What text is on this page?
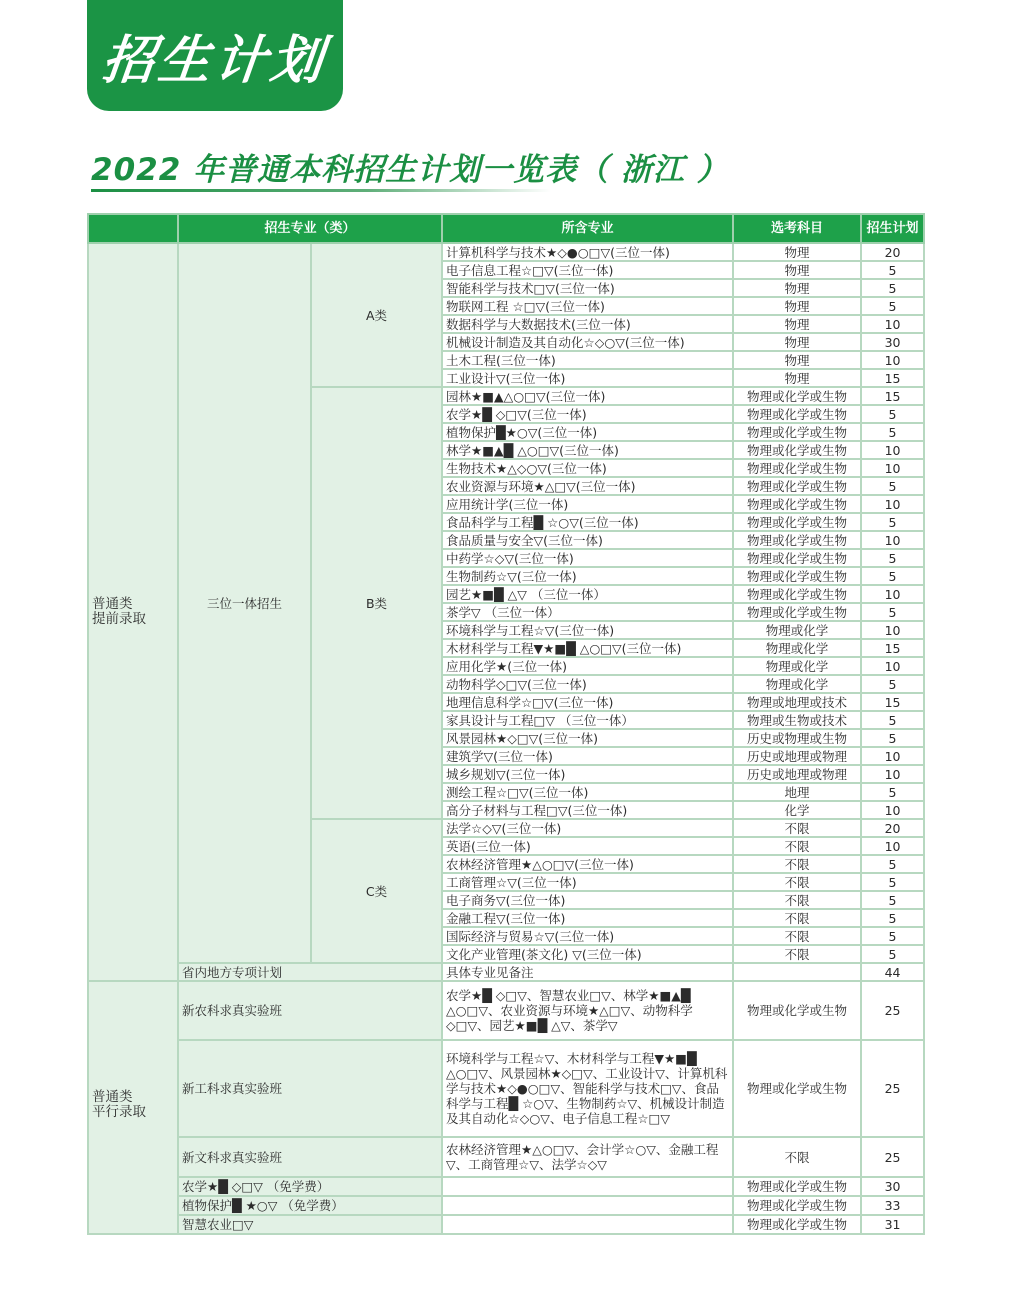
招生计划
2022 年普通本科招生计划一览表（ 浙江 ）
	招生专业（类）		所含专业	选考科目	招生计划
普通类
提前录取	三位一体招生	A类	计算机科学与技术★◇●○□▽(三位一体)	物理	20
			电子信息工程☆□▽(三位一体)	物理	5
			智能科学与技术□▽(三位一体)	物理	5
			物联网工程 ☆□▽(三位一体)	物理	5
			数据科学与大数据技术(三位一体)	物理	10
			机械设计制造及其自动化☆◇○▽(三位一体)	物理	30
			土木工程(三位一体)	物理	10
			工业设计▽(三位一体)	物理	15
		B类	园林★■▲△○□▽(三位一体)	物理或化学或生物	15
			农学★█ ◇□▽(三位一体)	物理或化学或生物	5
			植物保护█★○▽(三位一体)	物理或化学或生物	5
			林学★■▲█ △○□▽(三位一体)	物理或化学或生物	10
			生物技术★△◇○▽(三位一体)	物理或化学或生物	10
			农业资源与环境★△□▽(三位一体)	物理或化学或生物	5
			应用统计学(三位一体)	物理或化学或生物	10
			食品科学与工程█ ☆○▽(三位一体)	物理或化学或生物	5
			食品质量与安全▽(三位一体)	物理或化学或生物	10
			中药学☆◇▽(三位一体)	物理或化学或生物	5
			生物制药☆▽(三位一体)	物理或化学或生物	5
			园艺★■█ △▽ （三位一体）	物理或化学或生物	10
			茶学▽ （三位一体）	物理或化学或生物	5
			环境科学与工程☆▽(三位一体)	物理或化学	10
			木材科学与工程▼★■█ △○□▽(三位一体)	物理或化学	15
			应用化学★(三位一体)	物理或化学	10
			动物科学◇□▽(三位一体)	物理或化学	5
			地理信息科学☆□▽(三位一体)	物理或地理或技术	15
			家具设计与工程□▽ （三位一体）	物理或生物或技术	5
			风景园林★◇□▽(三位一体)	历史或物理或生物	5
			建筑学▽(三位一体)	历史或地理或物理	10
			城乡规划▽(三位一体)	历史或地理或物理	10
			测绘工程☆□▽(三位一体)	地理	5
			高分子材料与工程□▽(三位一体)	化学	10
		C类	法学☆◇▽(三位一体)	不限	20
			英语(三位一体)	不限	10
			农林经济管理★△○□▽(三位一体)	不限	5
			工商管理☆▽(三位一体)	不限	5
			电子商务▽(三位一体)	不限	5
			金融工程▽(三位一体)	不限	5
			国际经济与贸易☆▽(三位一体)	不限	5
			文化产业管理(茶文化) ▽(三位一体)	不限	5
	省内地方专项计划		具体专业见备注		44
普通类
平行录取	新农科求真实验班		农学★█ ◇□▽、智慧农业□▽、林学★■▲█ △○□▽、农业资源与环境★△□▽、动物科学◇□▽、园艺★■█ △▽、茶学▽	物理或化学或生物	25
	新工科求真实验班		环境科学与工程☆▽、木材科学与工程▼★■█ △○□▽、风景园林★◇□▽、工业设计▽、计算机科学与技术★◇●○□▽、智能科学与技术□▽、食品科学与工程█ ☆○▽、生物制药☆▽、机械设计制造及其自动化☆◇○▽、电子信息工程☆□▽	物理或化学或生物	25
	新文科求真实验班		农林经济管理★△○□▽、会计学☆○▽、金融工程▽、工商管理☆▽、法学☆◇▽	不限	25
	农学★█ ◇□▽ （免学费）			物理或化学或生物	30
	植物保护█ ★○▽ （免学费）			物理或化学或生物	33
	智慧农业□▽			物理或化学或生物	31
